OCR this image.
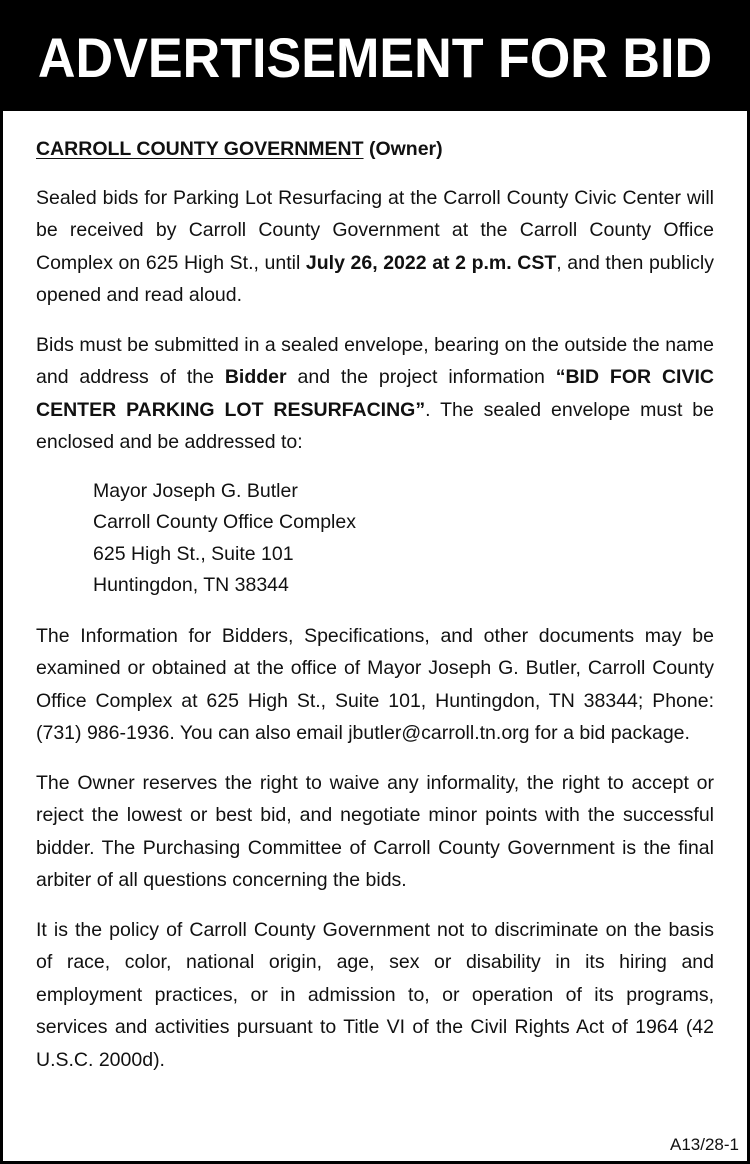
ADVERTISEMENT FOR BID

CARROLL COUNTY GOVERNMENT (Owner)

Sealed bids for Parking Lot Resurfacing at the Carroll County Civic Center will be received by Carroll County Government at the Carroll County Office Complex on 625 High St., until July 26, 2022 at 2 p.m. CST, and then publicly opened and read aloud.

Bids must be submitted in a sealed envelope, bearing on the outside the name and address of the Bidder and the project information “BID FOR CIVIC CENTER PARKING LOT RESURFACING”. The sealed envelope must be enclosed and be addressed to:

Mayor Joseph G. Butler
Carroll County Office Complex
625 High St., Suite 101
Huntingdon, TN 38344

The Information for Bidders, Specifications, and other documents may be examined or obtained at the office of Mayor Joseph G. Butler, Carroll County Office Complex at 625 High St., Suite 101, Huntingdon, TN 38344; Phone: (731) 986-1936. You can also email jbutler@carroll.tn.org for a bid package.

The Owner reserves the right to waive any informality, the right to accept or reject the lowest or best bid, and negotiate minor points with the successful bidder. The Purchasing Committee of Carroll County Government is the final arbiter of all questions concerning the bids.

It is the policy of Carroll County Government not to discriminate on the basis of race, color, national origin, age, sex or disability in its hiring and employment practices, or in admission to, or operation of its programs, services and activities pursuant to Title VI of the Civil Rights Act of 1964 (42 U.S.C. 2000d).

A13/28-1
